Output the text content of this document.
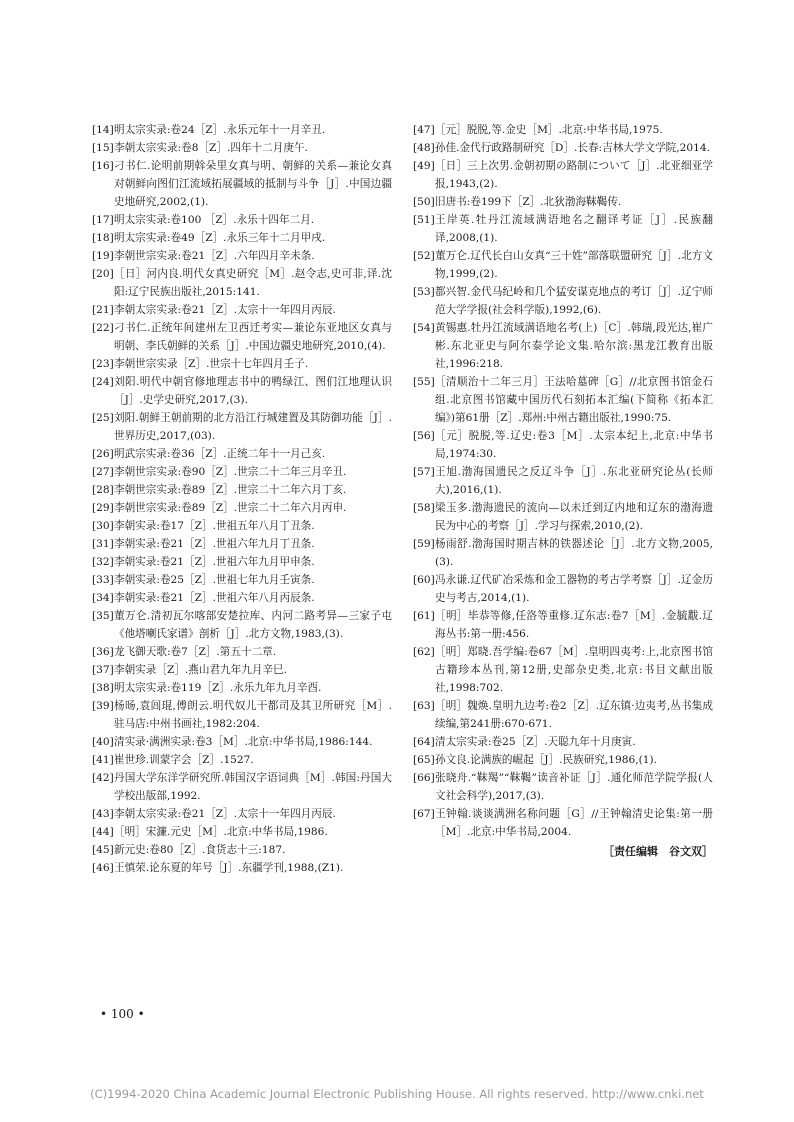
[14] 明太宗实录:卷24［Z］.永乐元年十一月辛丑.

[15] 李朝太宗实录:卷8［Z］.四年十二月庚午.

[16] 刁书仁.论明前期斡朵里女真与明、朝鲜的关系—兼论女真对朝鲜向图们江流域拓展疆域的抵制与斗争［J］.中国边疆史地研究,2002,(1).

[17] 明太宗实录:卷100 ［Z］.永乐十四年二月.

[18] 明太宗实录:卷49［Z］.永乐三年十二月甲戌.

[19] 李朝世宗实录:卷21［Z］.六年四月辛未条.

[20] ［日］河内良.明代女真史研究［M］.赵令志,史可非,译.沈阳:辽宁民族出版社,2015:141.

[21] 李朝太宗实录:卷21［Z］.太宗十一年四月丙辰.

[22] 刁书仁.正统年间建州左卫西迁考实—兼论东亚地区女真与明朝、李氏朝鲜的关系［J］.中国边疆史地研究,2010,(4).

[23] 李朝世宗实录［Z］.世宗十七年四月壬子.

[24] 刘阳.明代中朝官修地理志书中的鸭绿江、图们江地理认识［J］.史学史研究,2017,(3).

[25] 刘阳.朝鲜王朝前期的北方沿江行城建置及其防御功能［J］.世界历史,2017,(03).

[26] 明武宗实录:卷36［Z］.正统二年十一月己亥.

[27] 李朝世宗实录:卷90［Z］.世宗二十二年三月辛丑.

[28] 李朝世宗实录:卷89［Z］.世宗二十二年六月丁亥.

[29] 李朝世宗实录:卷89［Z］.世宗二十二年六月丙申.

[30] 李朝实录:卷17［Z］.世祖五年八月丁丑条.

[31] 李朝实录:卷21［Z］.世祖六年九月丁丑条.

[32] 李朝实录:卷21［Z］.世祖六年九月甲申条.

[33] 李朝实录:卷25［Z］.世祖七年九月壬寅条.

[34] 李朝实录:卷21［Z］.世祖六年八月丙辰条.

[35] 董万仑.清初瓦尔喀部安楚拉库、内河二路考异—三家子屯《他塔喇氏家谱》剖析［J］.北方文物,1983,(3).

[36] 龙飞御天歌:卷7［Z］.第五十二章.

[37] 李朝实录［Z］.燕山君九年九月辛巳.

[38] 明太宗实录:卷119［Z］.永乐九年九月辛酉.

[39] 杨旸,袁闾琨,傅朗云.明代奴儿干都司及其卫所研究［M］.驻马店:中州书画社,1982:204.

[40] 清实录·满洲实录:卷3［M］.北京:中华书局,1986:144.

[41] 崔世珍.训蒙字会［Z］.1527.

[42] 丹国大学东洋学研究所.韩国汉字语词典［M］.韩国:丹国大学校出版部,1992.

[43] 李朝太宗实录:卷21［Z］.太宗十一年四月丙辰.

[44] ［明］宋濂.元史［M］.北京:中华书局,1986.

[45] 新元史:卷80［Z］.食货志十三:187.

[46] 王慎荣.论东夏的年号［J］.东疆学刊,1988,(Z1).

[47] ［元］脱脱,等.金史［M］.北京:中华书局,1975.

[48] 孙佳.金代行政路制研究［D］.长春:吉林大学文学院,2014.

[49] ［日］三上次男.金朝初期の路制について［J］.北亚细亚学报,1943,(2).

[50] 旧唐书:卷199下［Z］.北狄渤海靺鞨传.

[51] 王岸英.牡丹江流域满语地名之翻译考证［J］.民族翻译,2008,(1).

[52] 董万仑.辽代长白山女真“三十姓”部落联盟研究［J］.北方文物,1999,(2).

[53] 都兴智.金代马纪岭和几个猛安谋克地点的考订［J］.辽宁师范大学学报(社会科学版),1992,(6).

[54] 黄锡惠.牡丹江流域满语地名考(上)［C］.韩瑞,段光达,崔广彬.东北亚史与阿尔泰学论文集.哈尔滨:黑龙江教育出版社,1996:218.

[55] ［清顺治十二年三月］王法哈墓碑［G］//北京图书馆金石组.北京图书馆藏中国历代石刻拓本汇编(下简称《拓本汇编》)第61册［Z］.郑州:中州古籍出版社,1990:75.

[56] ［元］脱脱,等.辽史:卷3［M］.太宗本纪上,北京:中华书局,1974:30.

[57] 王旭.渤海国遗民之反辽斗争［J］.东北亚研究论丛(长师大),2016,(1).

[58] 梁玉多.渤海遗民的流向—以未迁到辽内地和辽东的渤海遗民为中心的考察［J］.学习与探索,2010,(2).

[59] 杨雨舒.渤海国时期吉林的铁器述论［J］.北方文物,2005,(3).

[60] 冯永谦.辽代矿冶采炼和金工器物的考古学考察［J］.辽金历史与考古,2014,(1).

[61] ［明］毕恭等修,任洛等重修.辽东志:卷7［M］.金毓黻.辽海丛书:第一册:456.

[62] ［明］郑晓.吾学编:卷67［M］.皇明四夷考:上,北京图书馆古籍珍本丛刊,第12册,史部杂史类,北京:书目文献出版社,1998:702.

[63] ［明］魏焕.皇明九边考:卷2［Z］.辽东镇·边夷考,丛书集成续编,第241册:670-671.

[64] 清太宗实录:卷25［Z］.天聪九年十月庚寅.

[65] 孙文良.论满族的崛起［J］.民族研究,1986,(1).

[66] 张晓舟.“靺羯”“靺鞨”读音补证［J］.通化师范学院学报(人文社会科学),2017,(3).

[67] 王钟翰.谈谈满洲名称问题［G］//王钟翰清史论集:第一册［M］.北京:中华书局,2004.

［责任编辑　谷文双］
• 100 •
(C)1994-2020 China Academic Journal Electronic Publishing House. All rights reserved. http://www.cnki.net
